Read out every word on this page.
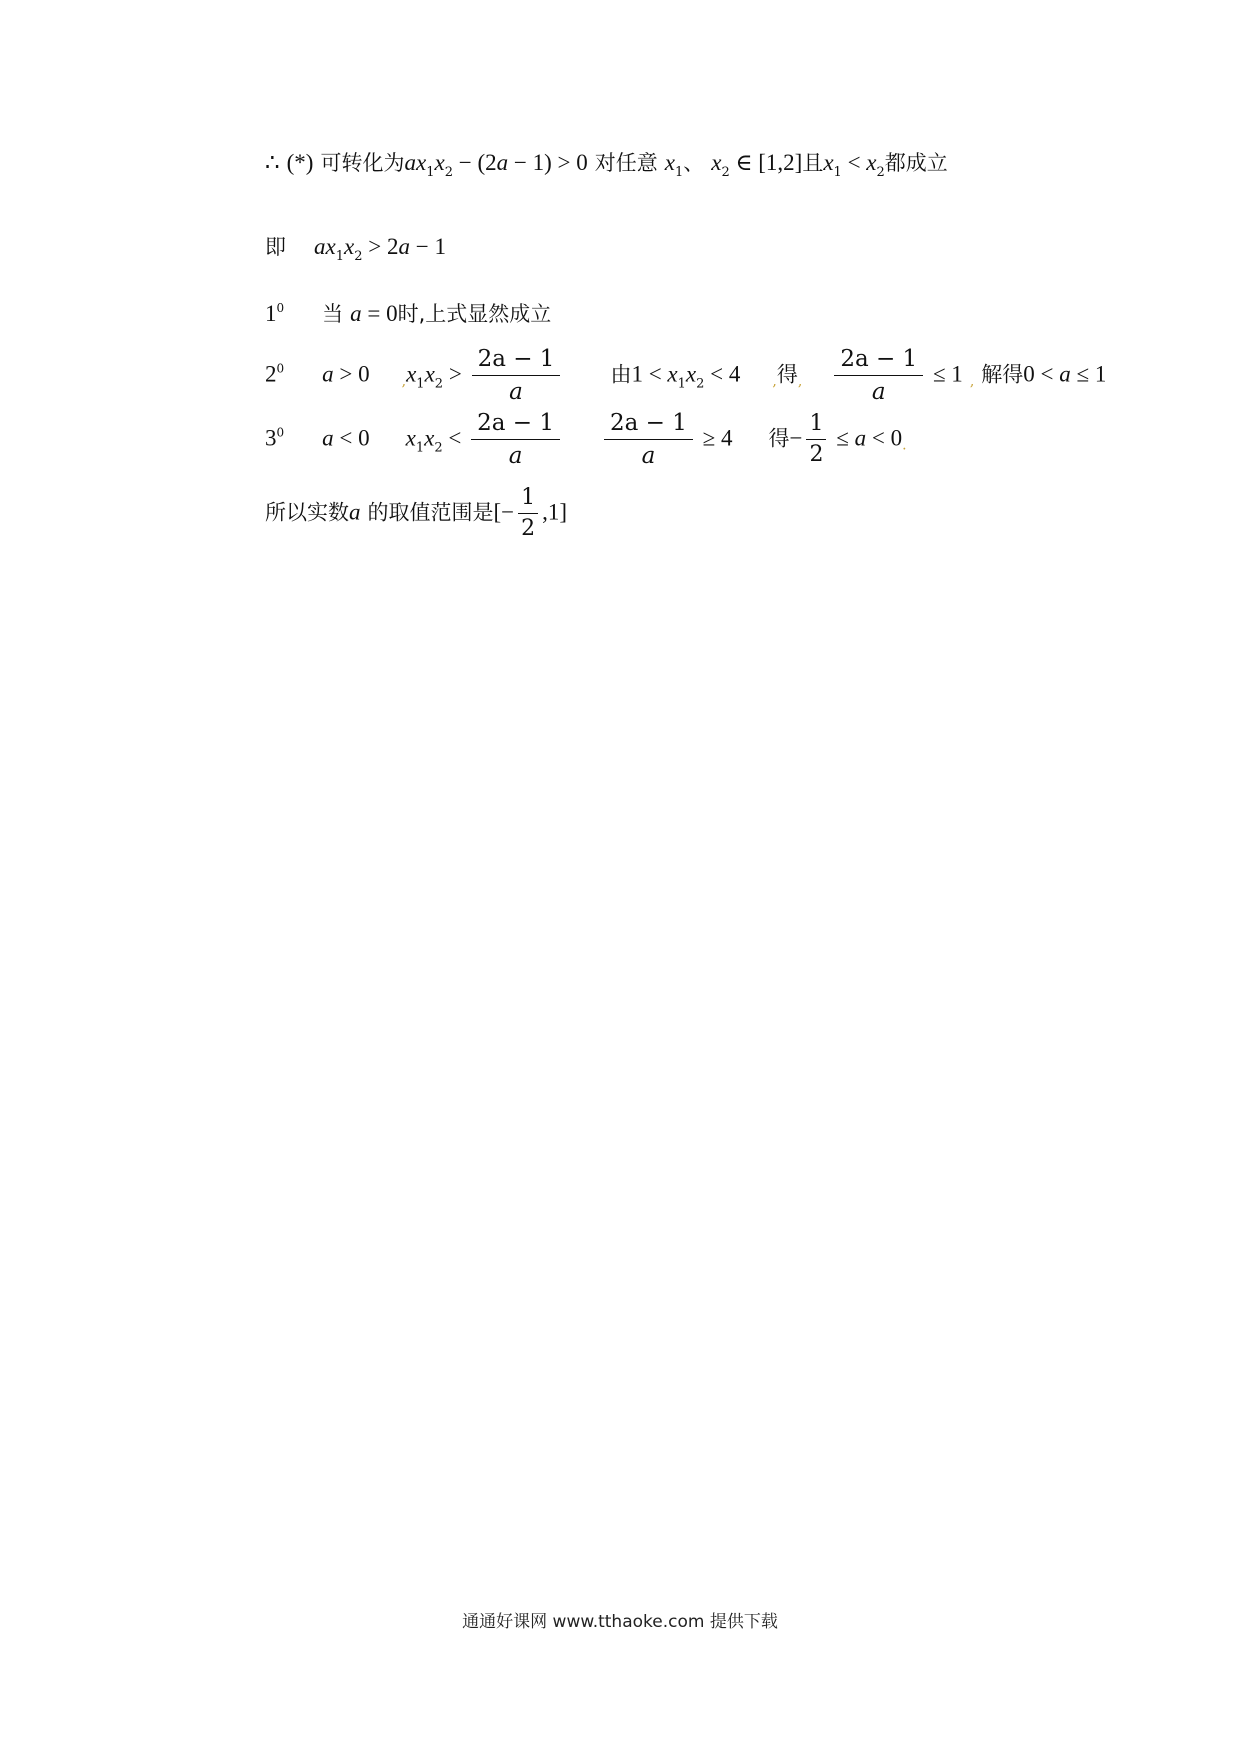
∴ (*) 可转化为$ax_1x_2 - (2a - 1) > 0$ 对任意 $x_1$、 $x_2$ ∈ [1,2]且$x_1 < x_2$都成立
即 $ax_1x_2 > 2a - 1$
$1^0$ 当 a = 0时,上式显然成立
$2^0$ a > 0 $,x_1x_2 > \frac{2a - 1}{a}$ 由$1 < x_1x_2 < 4$ ,得, $\frac{2a - 1}{a} \le 1$ , 解得0 < a ≤ 1
$3^0$ a < 0 $x_1x_2 < \frac{2a - 1}{a}$
$\frac{2a - 1}{a} \ge 4$ 得− $\frac{1}{2} \le a < 0$.
所以实数a 的取值范围是[− $\frac{1}{2} ,1$]
通通好课网 www.tthaoke.com 提供下载
